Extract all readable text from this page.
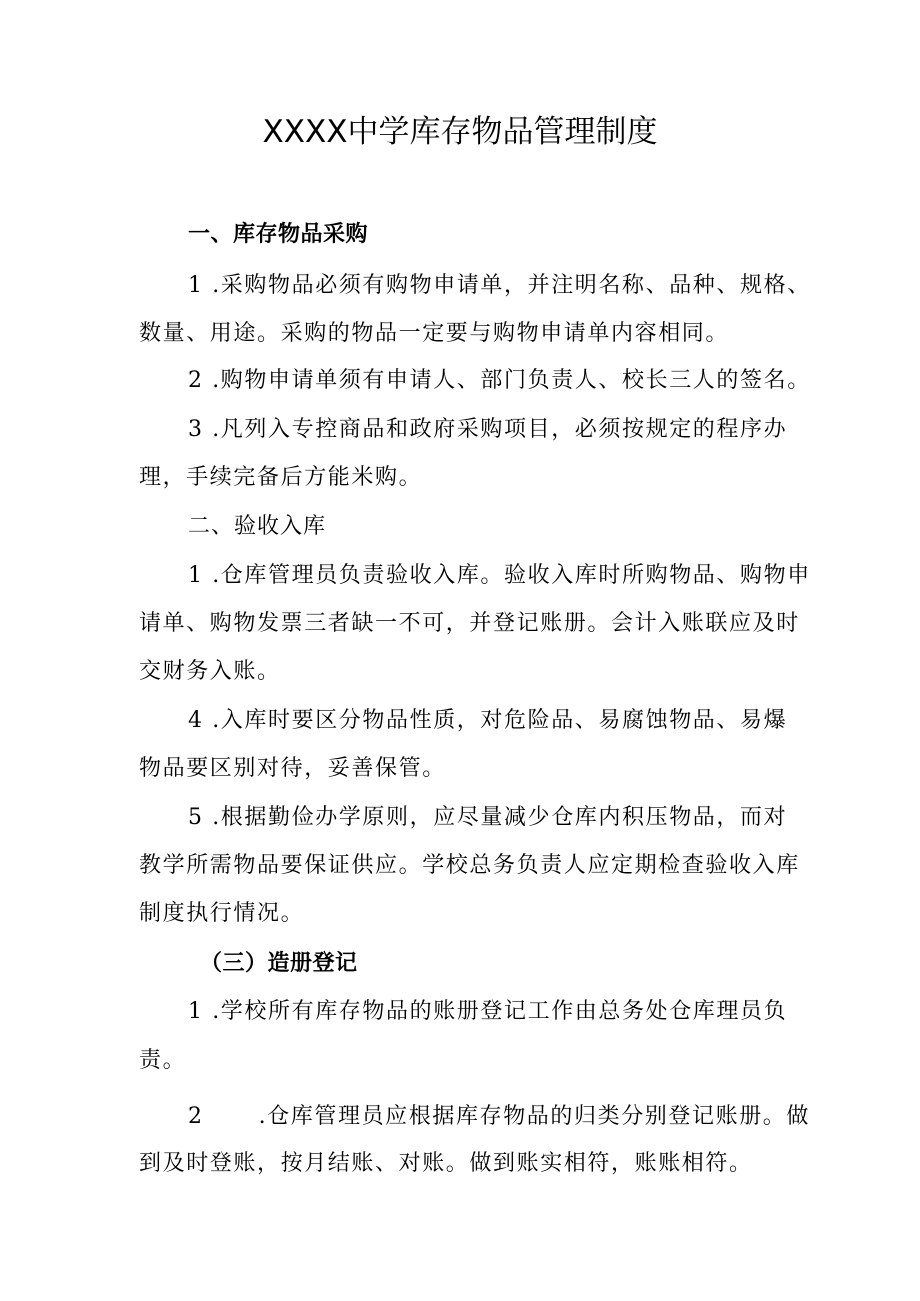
XXXX中学库存物品管理制度
一、库存物品采购
1 .采购物品必须有购物申请单，并注明名称、品种、规格、
数量、用途。采购的物品一定要与购物申请单内容相同。
2 .购物申请单须有申请人、部门负责人、校长三人的签名。
3 .凡列入专控商品和政府采购项目，必须按规定的程序办
理，手续完备后方能米购。
二、验收入库
1 .仓库管理员负责验收入库。验收入库时所购物品、购物申
请单、购物发票三者缺一不可，并登记账册。会计入账联应及时
交财务入账。
4 .入库时要区分物品性质，对危险品、易腐蚀物品、易爆
物品要区别对待，妥善保管。
5 .根据勤俭办学原则，应尽量减少仓库内积压物品，而对
教学所需物品要保证供应。学校总务负责人应定期检查验收入库
制度执行情况。
（三）造册登记
1 .学校所有库存物品的账册登记工作由总务处仓库理员负
责。
2 .仓库管理员应根据库存物品的归类分别登记账册。做
到及时登账，按月结账、对账。做到账实相符，账账相符。
